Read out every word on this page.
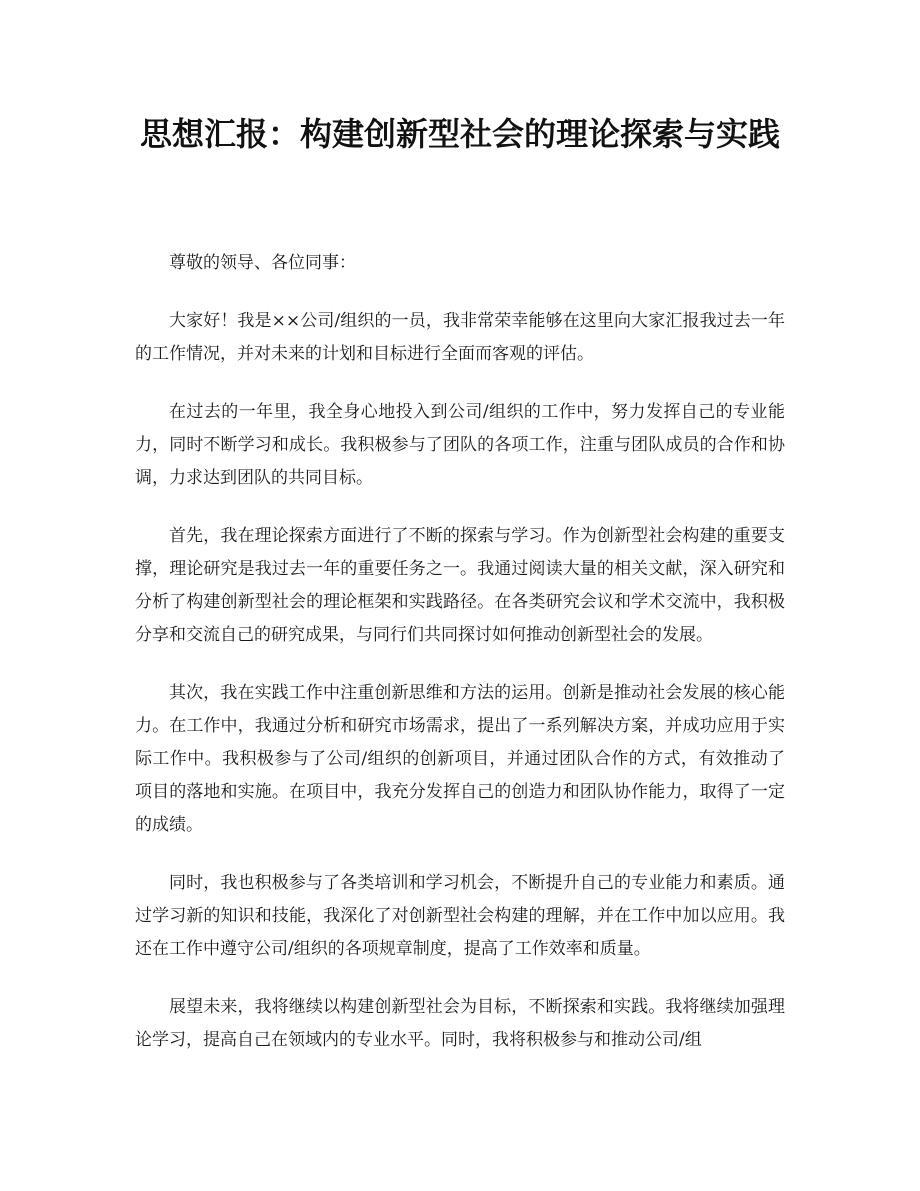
思想汇报：构建创新型社会的理论探索与实践

尊敬的领导、各位同事：

大家好！我是××公司/组织的一员，我非常荣幸能够在这里向大家汇报我过去一年的工作情况，并对未来的计划和目标进行全面而客观的评估。

在过去的一年里，我全身心地投入到公司/组织的工作中，努力发挥自己的专业能力，同时不断学习和成长。我积极参与了团队的各项工作，注重与团队成员的合作和协调，力求达到团队的共同目标。

首先，我在理论探索方面进行了不断的探索与学习。作为创新型社会构建的重要支撑，理论研究是我过去一年的重要任务之一。我通过阅读大量的相关文献，深入研究和分析了构建创新型社会的理论框架和实践路径。在各类研究会议和学术交流中，我积极分享和交流自己的研究成果，与同行们共同探讨如何推动创新型社会的发展。

其次，我在实践工作中注重创新思维和方法的运用。创新是推动社会发展的核心能力。在工作中，我通过分析和研究市场需求，提出了一系列解决方案，并成功应用于实际工作中。我积极参与了公司/组织的创新项目，并通过团队合作的方式，有效推动了项目的落地和实施。在项目中，我充分发挥自己的创造力和团队协作能力，取得了一定的成绩。

同时，我也积极参与了各类培训和学习机会，不断提升自己的专业能力和素质。通过学习新的知识和技能，我深化了对创新型社会构建的理解，并在工作中加以应用。我还在工作中遵守公司/组织的各项规章制度，提高了工作效率和质量。

展望未来，我将继续以构建创新型社会为目标，不断探索和实践。我将继续加强理论学习，提高自己在领域内的专业水平。同时，我将积极参与和推动公司/组
